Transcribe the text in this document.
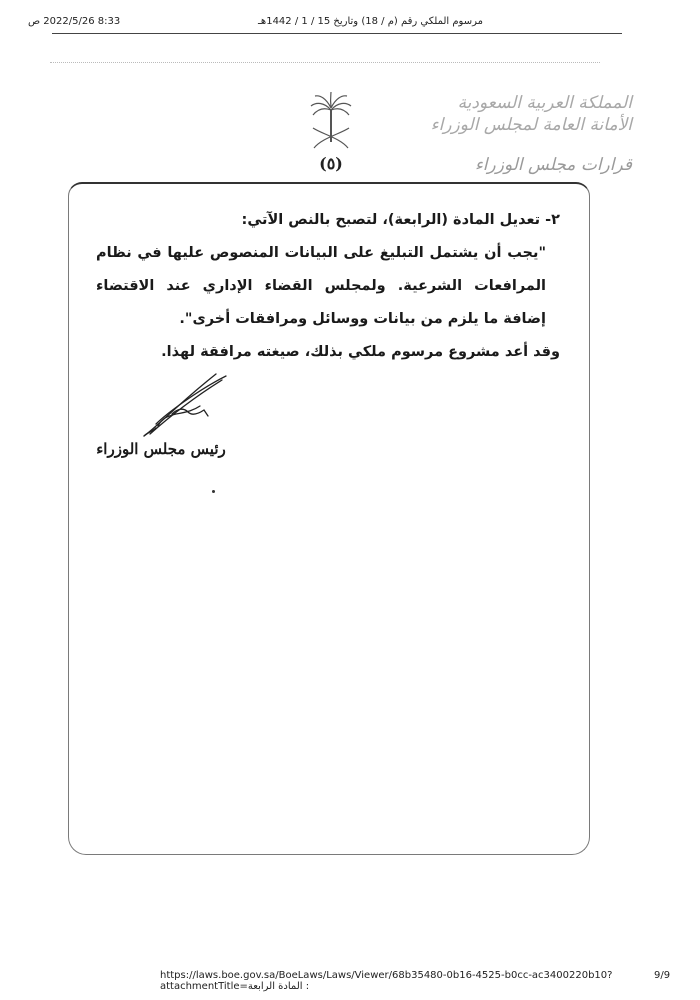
8:33 2022/5/26 ص	مرسوم الملكي رقم (م / 18) وتاريخ 15 / 1 / 1442هـ
المملكة العربية السعودية
الأمانة العامة لمجلس الوزراء
قرارات مجلس الوزراء
(٥)

٢- تعديل المادة (الرابعة)، لتصبح بالنص الآتي:

"يجب أن يشتمل التبليغ على البيانات المنصوص عليها في نظام المرافعات الشرعية. ولمجلس القضاء الإداري عند الاقتضاء إضافة ما يلزم من بيانات ووسائل ومرافقات أخرى".

وقد أعد مشروع مرسوم ملكي بذلك، صيغته مرافقة لهذا.

رئيس مجلس الوزراء
https://laws.boe.gov.sa/BoeLaws/Laws/Viewer/68b35480-0b16-4525-b0cc-ac3400220b10?attachmentTitle=المادة الرابعة :
9/9
